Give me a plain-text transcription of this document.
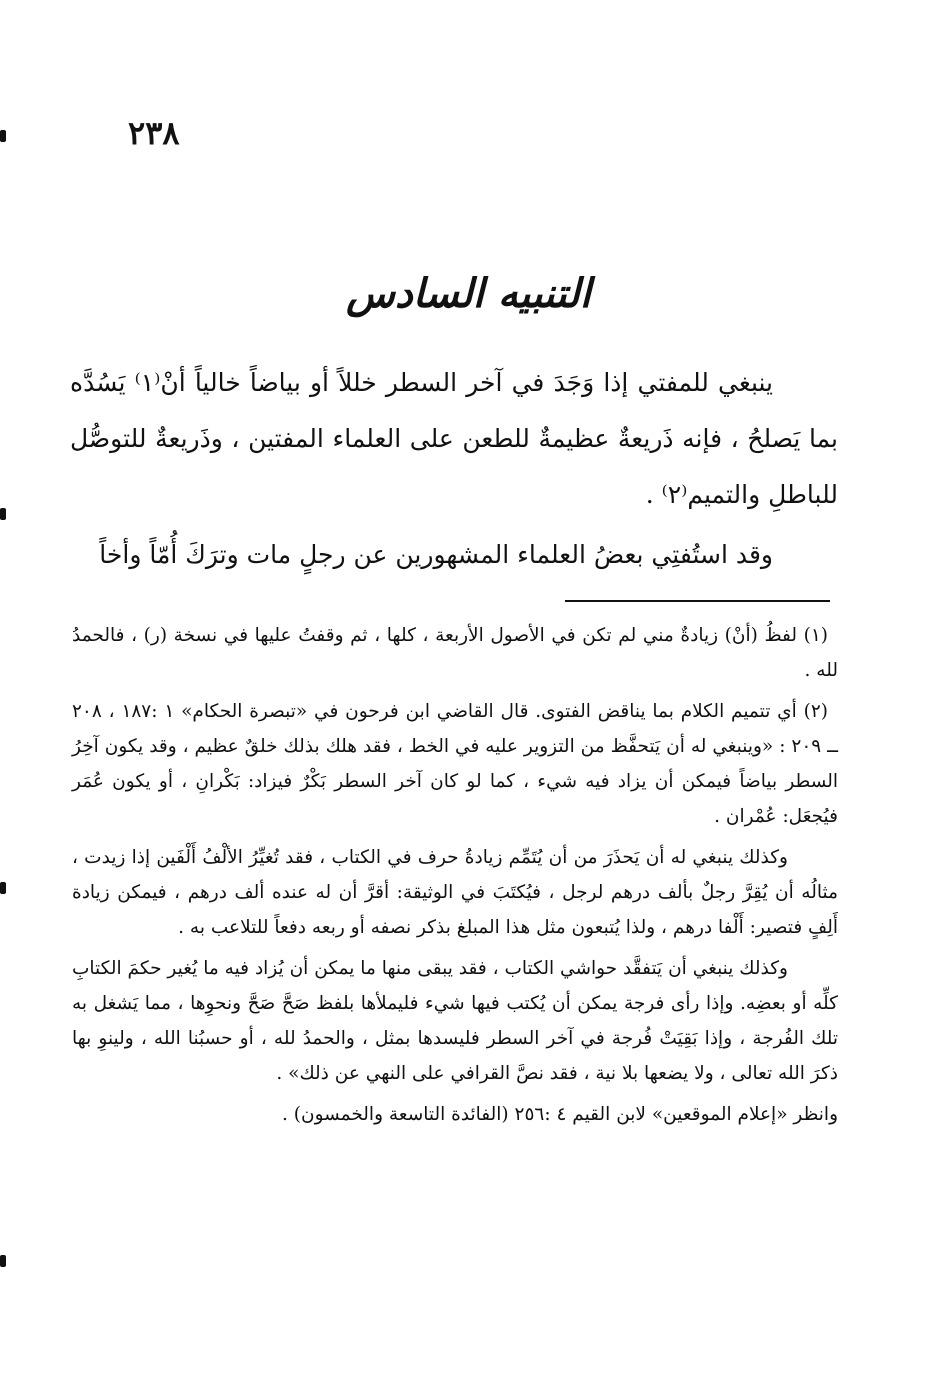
٢٣٨
التنبيه السادس

ينبغي للمفتي إذا وَجَدَ في آخر السطر خللاً أو بياضاً خالياً أنْ⁽١⁾ يَسُدَّه بما يَصلحُ ، فإنه ذَريعةٌ عظيمةٌ للطعن على العلماء المفتين ، وذَريعةٌ للتوصُّل للباطلِ والتميم⁽٢⁾ .

وقد استُفتِي بعضُ العلماء المشهورين عن رجلٍ مات وترَكَ أُمّاً وأخاً

(١) لفظُ (أنْ) زيادةٌ مني لم تكن في الأصول الأربعة ، كلها ، ثم وقفتُ عليها في نسخة (ر) ، فالحمدُ لله .

(٢) أي تتميم الكلام بما يناقض الفتوى. قال القاضي ابن فرحون في «تبصرة الحكام» ١ :١٨٧ ، ٢٠٨ ــ ٢٠٩ : «وينبغي له أن يَتحفَّظ من التزوير عليه في الخط ، فقد هلك بذلك خلقٌ عظيم ، وقد يكون آخِرُ السطر بياضاً فيمكن أن يزاد فيه شيء ، كما لو كان آخر السطر بَكْرٌ فيزاد: بَكْرانِ ، أو يكون عُمَر فيُجعَل: عُمْران .

وكذلك ينبغي له أن يَحذَرَ من أن يُتَمِّم زيادةُ حرف في الكتاب ، فقد تُغيِّرُ الألْفُ أَلْفَين إذا زيدت ، مثالُه أن يُقِرَّ رجلٌ بألف درهم لرجل ، فيُكتَبَ في الوثيقة: أقرَّ أن له عنده ألف درهم ، فيمكن زيادة أَلِفٍ فتصير: أَلْفا درهم ، ولذا يُتبعون مثل هذا المبلغ بذكر نصفه أو ربعه دفعاً للتلاعب به .

وكذلك ينبغي أن يَتفقَّد حواشي الكتاب ، فقد يبقى منها ما يمكن أن يُزاد فيه ما يُغير حكمَ الكتابِ كلِّه أو بعضِه. وإذا رأى فرجة يمكن أن يُكتب فيها شيء فليملأها بلفظ صَحَّ صَحَّ ونحوِها ، مما يَشغل به تلك الفُرجة ، وإذا بَقِيَتْ فُرجة في آخر السطر فليسدها بمثل ، والحمدُ لله ، أو حسبُنا الله ، ولينوِ بها ذكرَ الله تعالى ، ولا يضعها بلا نية ، فقد نصَّ القرافي على النهي عن ذلك» .

وانظر «إعلام الموقعين» لابن القيم ٤ :٢٥٦ (الفائدة التاسعة والخمسون) .
